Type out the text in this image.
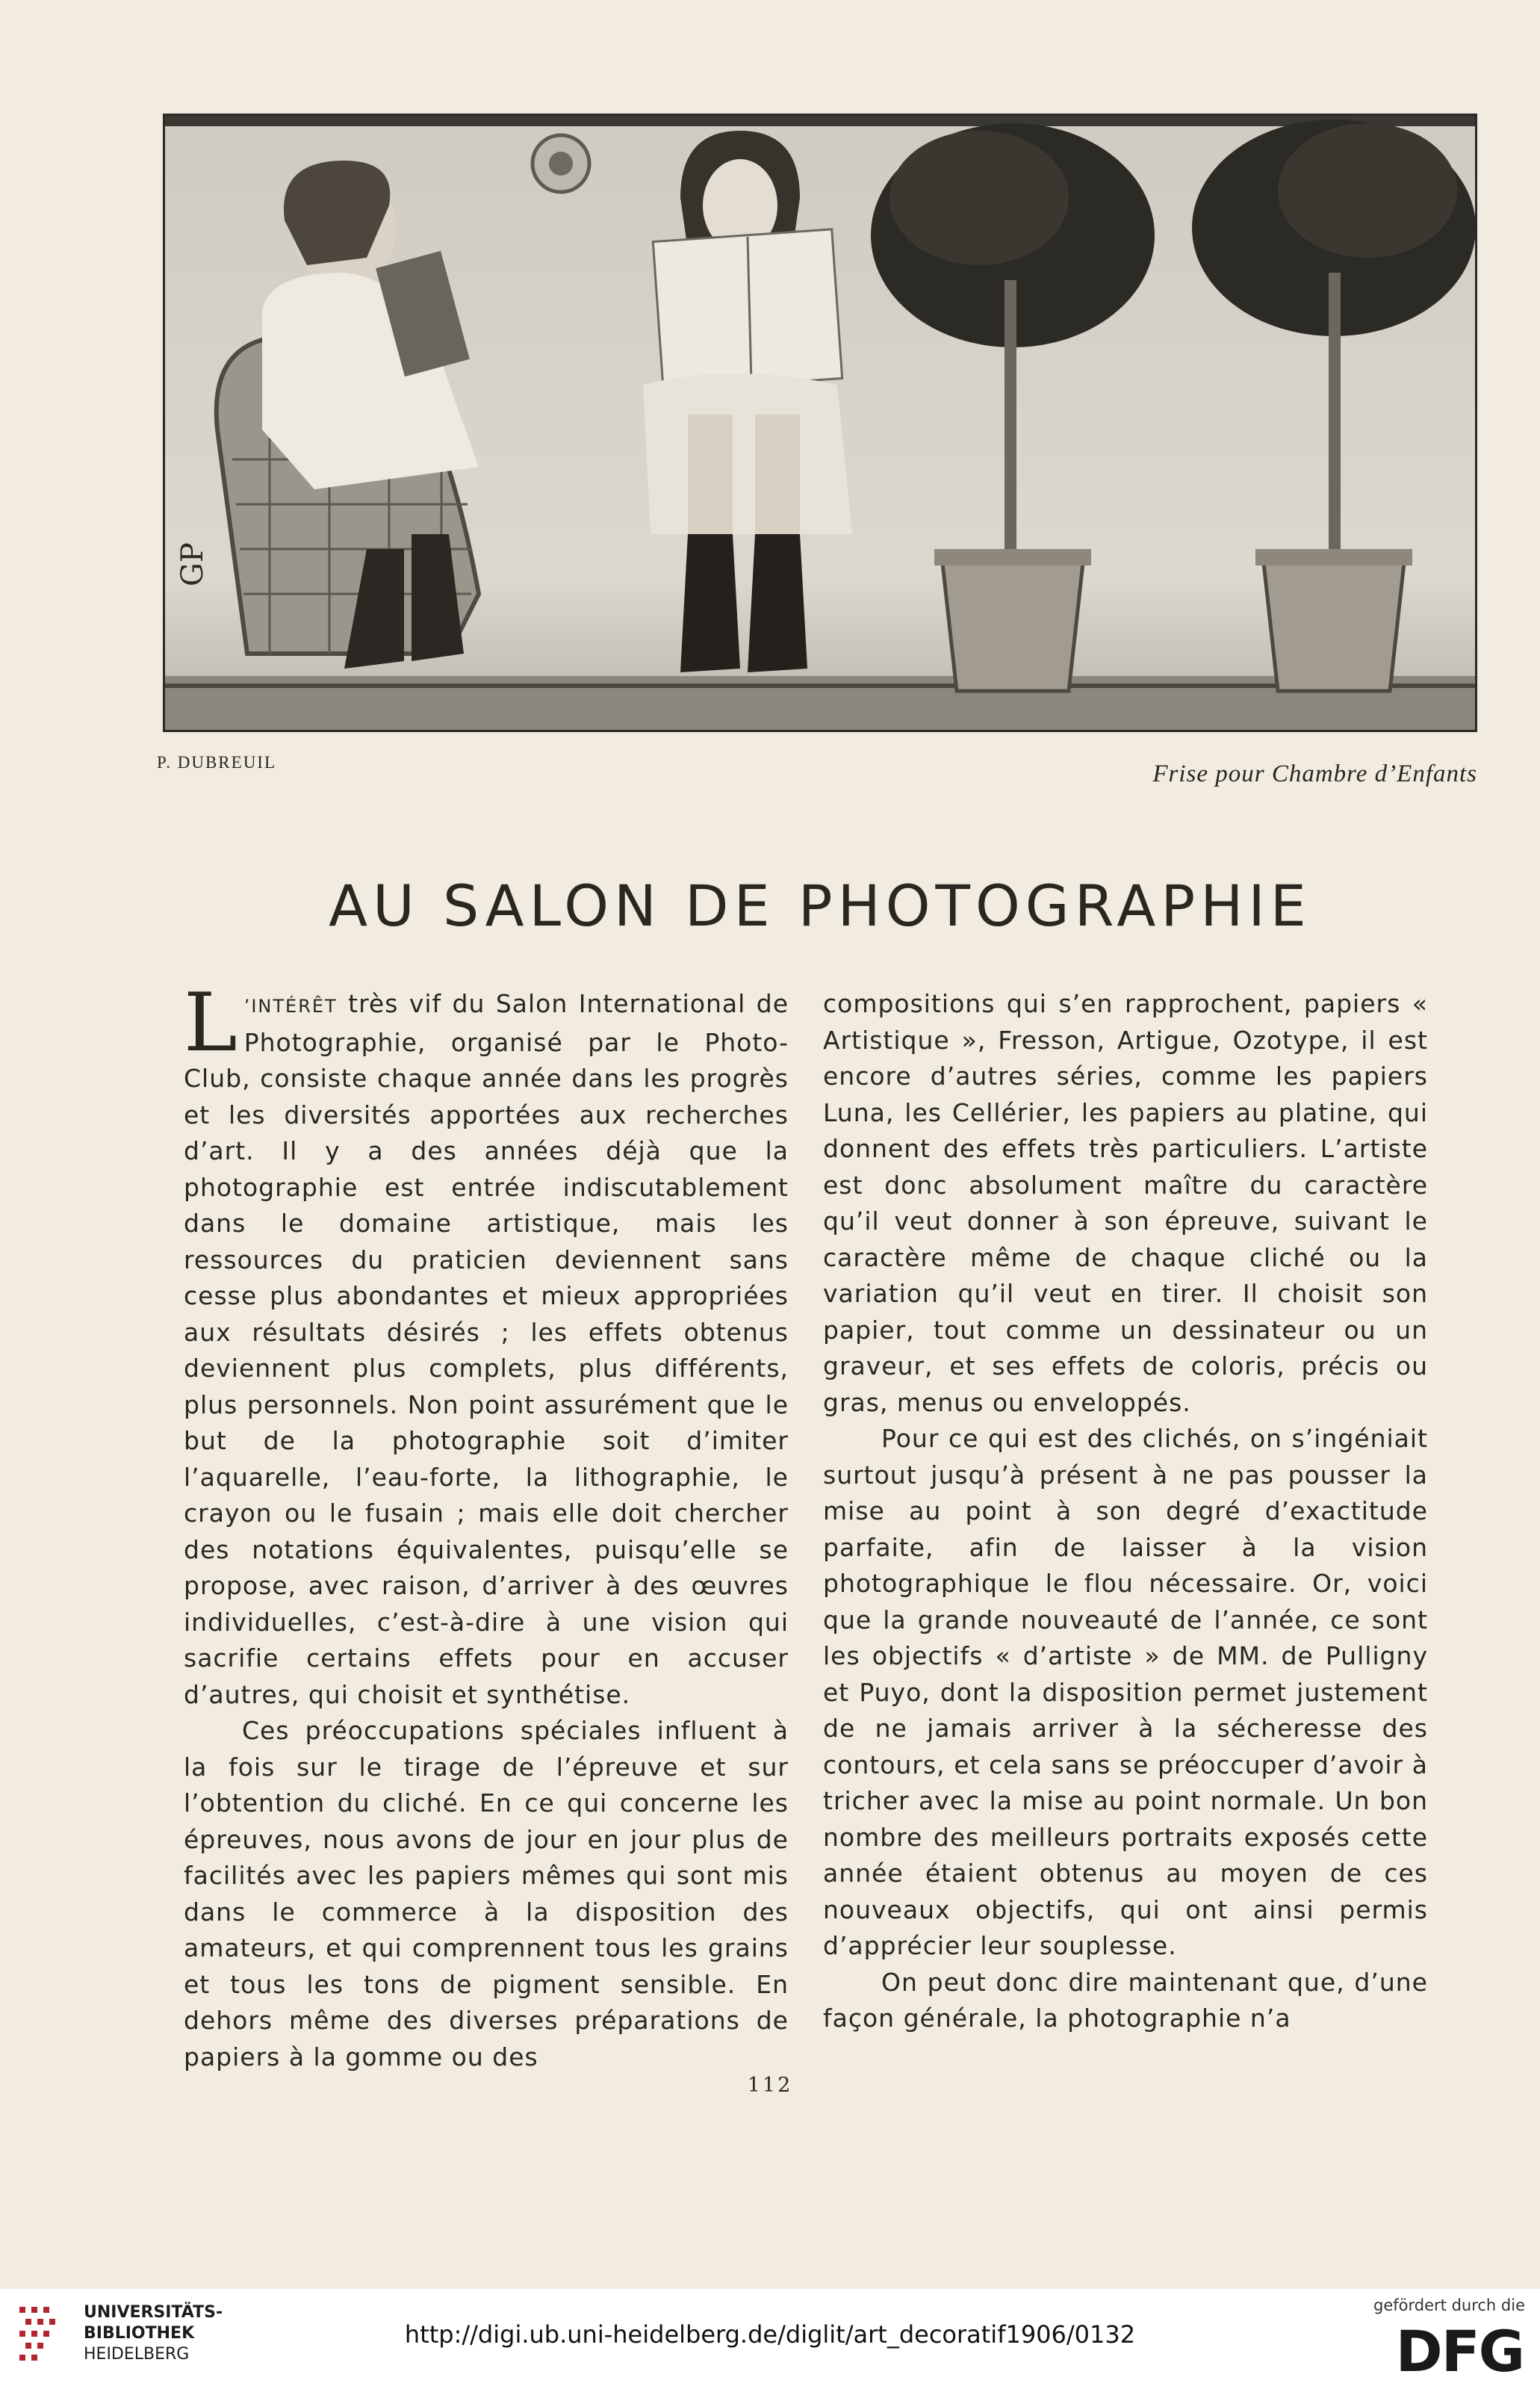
GP
P. DUBREUIL	Frise pour Chambre d’Enfants
AU SALON DE PHOTOGRAPHIE

L ’INTÉRÊT très vif du Salon International de Photographie, organisé par le Photo-Club, consiste chaque année dans les progrès et les diversités apportées aux recherches d’art. Il y a des années déjà que la photographie est entrée indiscutablement dans le domaine artistique, mais les ressources du praticien deviennent sans cesse plus abondantes et mieux appropriées aux résultats désirés ; les effets obtenus deviennent plus complets, plus différents, plus personnels. Non point assurément que le but de la photographie soit d’imiter l’aquarelle, l’eau-forte, la lithographie, le crayon ou le fusain ; mais elle doit chercher des notations équivalentes, puisqu’elle se propose, avec raison, d’arriver à des œuvres individuelles, c’est-à-dire à une vision qui sacrifie certains effets pour en accuser d’autres, qui choisit et synthétise.

Ces préoccupations spéciales influent à la fois sur le tirage de l’épreuve et sur l’obtention du cliché. En ce qui concerne les épreuves, nous avons de jour en jour plus de facilités avec les papiers mêmes qui sont mis dans le commerce à la disposition des amateurs, et qui comprennent tous les grains et tous les tons de pigment sensible. En dehors même des diverses préparations de papiers à la gomme ou des

compositions qui s’en rapprochent, papiers « Artistique », Fresson, Artigue, Ozotype, il est encore d’autres séries, comme les papiers Luna, les Cellérier, les papiers au platine, qui donnent des effets très particuliers. L’artiste est donc absolument maître du caractère qu’il veut donner à son épreuve, suivant le caractère même de chaque cliché ou la variation qu’il veut en tirer. Il choisit son papier, tout comme un dessinateur ou un graveur, et ses effets de coloris, précis ou gras, menus ou enveloppés.

Pour ce qui est des clichés, on s’ingéniait surtout jusqu’à présent à ne pas pousser la mise au point à son degré d’exactitude parfaite, afin de laisser à la vision photographique le flou nécessaire. Or, voici que la grande nouveauté de l’année, ce sont les objectifs « d’artiste » de MM. de Pulligny et Puyo, dont la disposition permet justement de ne jamais arriver à la sécheresse des contours, et cela sans se préoccuper d’avoir à tricher avec la mise au point normale. Un bon nombre des meilleurs portraits exposés cette année étaient obtenus au moyen de ces nouveaux objectifs, qui ont ainsi permis d’apprécier leur souplesse.

On peut donc dire maintenant que, d’une façon générale, la photographie n’a

112
UNIVERSITÄTS-
BIBLIOTHEK
HEIDELBERG
http://digi.ub.uni-heidelberg.de/diglit/art_decoratif1906/0132
gefördert durch die
DFG
